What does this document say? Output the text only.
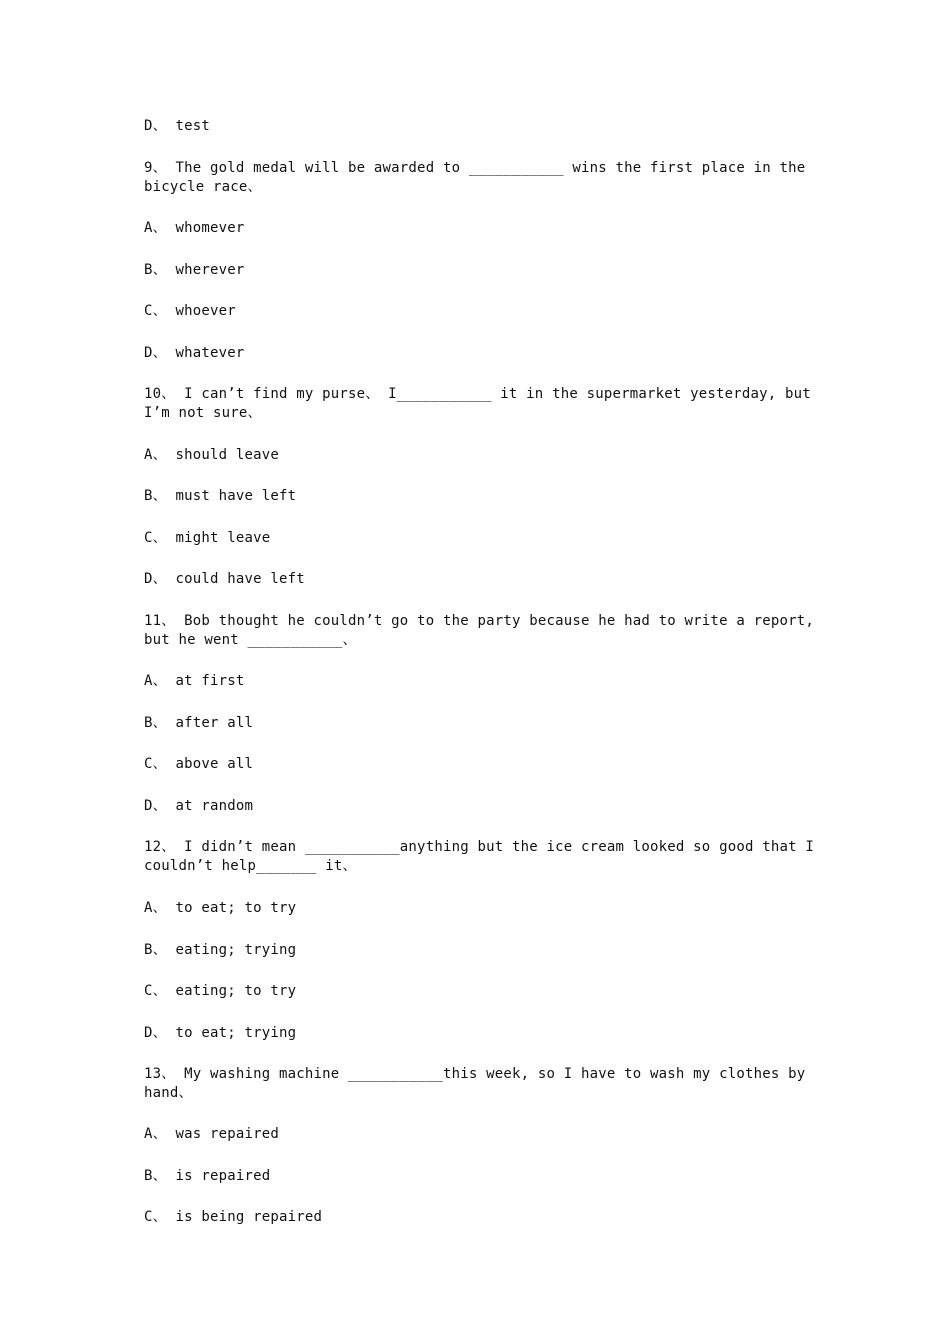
D、 test
9、 The gold medal will be awarded to ___________ wins the first place in the bicycle race、
A、 whomever
B、 wherever
C、 whoever
D、 whatever
10、 I can’t find my purse、 I___________ it in the supermarket yesterday, but I’m not sure、
A、 should leave
B、 must have left
C、 might leave
D、 could have left
11、 Bob thought he couldn’t go to the party because he had to write a report, but he went ___________、
A、 at first
B、 after all
C、 above all
D、 at random
12、 I didn’t mean ___________anything but the ice cream looked so good that I couldn’t help_______ it、
A、 to eat; to try
B、 eating; trying
C、 eating; to try
D、 to eat; trying
13、 My washing machine ___________this week, so I have to wash my clothes by hand、
A、 was repaired
B、 is repaired
C、 is being repaired
